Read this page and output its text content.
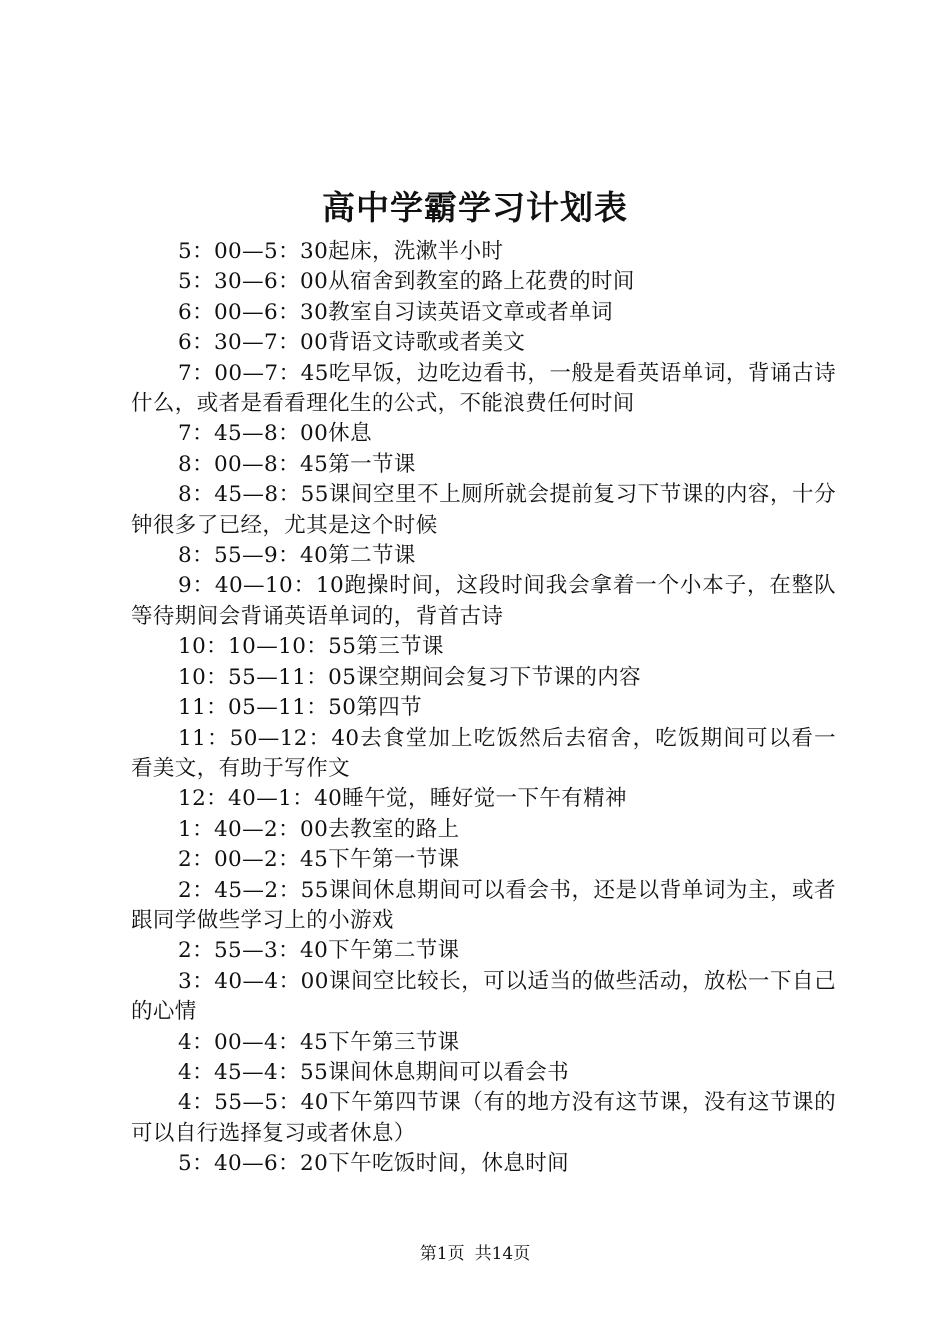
高中学霸学习计划表

5：00—5：30起床，洗漱半小时

5：30—6：00从宿舍到教室的路上花费的时间

6：00—6：30教室自习读英语文章或者单词

6：30—7：00背语文诗歌或者美文

7：00—7：45吃早饭，边吃边看书，一般是看英语单词，背诵古诗什么，或者是看看理化生的公式，不能浪费任何时间

7：45—8：00休息

8：00—8：45第一节课

8：45—8：55课间空里不上厕所就会提前复习下节课的内容，十分钟很多了已经，尤其是这个时候

8：55—9：40第二节课

9：40—10：10跑操时间，这段时间我会拿着一个小本子，在整队等待期间会背诵英语单词的，背首古诗

10：10—10：55第三节课

10：55—11：05课空期间会复习下节课的内容

11：05—11：50第四节

11：50—12：40去食堂加上吃饭然后去宿舍，吃饭期间可以看一看美文，有助于写作文

12：40—1：40睡午觉，睡好觉一下午有精神

1：40—2：00去教室的路上

2：00—2：45下午第一节课

2：45—2：55课间休息期间可以看会书，还是以背单词为主，或者跟同学做些学习上的小游戏

2：55—3：40下午第二节课

3：40—4：00课间空比较长，可以适当的做些活动，放松一下自己的心情

4：00—4：45下午第三节课

4：45—4：55课间休息期间可以看会书

4：55—5：40下午第四节课（有的地方没有这节课，没有这节课的可以自行选择复习或者休息）

5：40—6：20下午吃饭时间，休息时间

第1页 共14页
